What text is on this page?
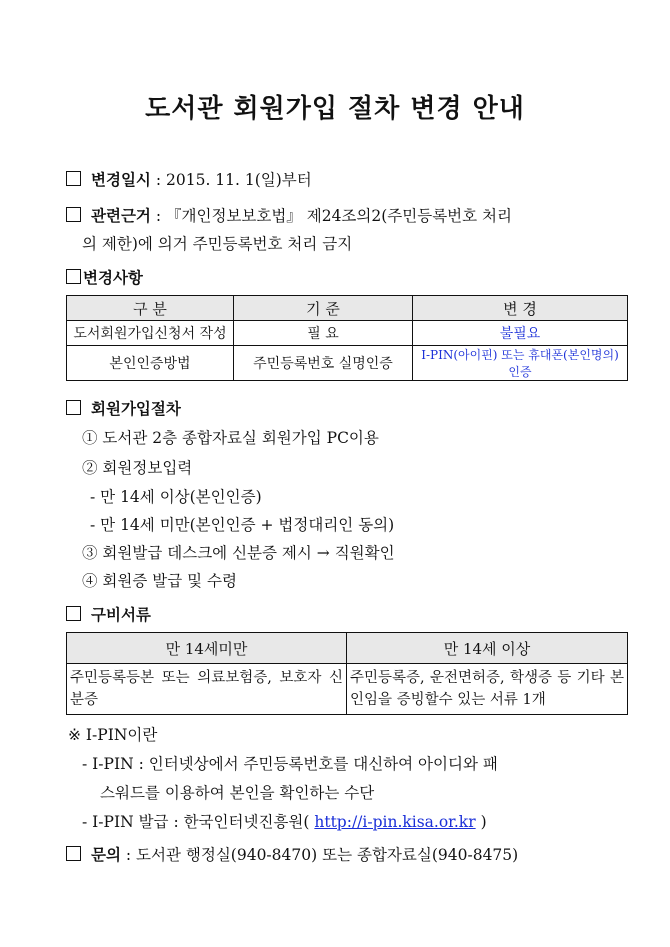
도서관 회원가입 절차 변경 안내
변경일시 : 2015. 11. 1(일)부터
관련근거 : 『개인정보보호법』 제24조의2(주민등록번호 처리
의 제한)에 의거 주민등록번호 처리 금지
변경사항
구 분	기 준	변 경
도서회원가입신청서 작성	필 요	불필요
본인인증방법	주민등록번호 실명인증	I-PIN(아이핀) 또는 휴대폰(본인명의) 인증
회원가입절차
① 도서관 2층 종합자료실 회원가입 PC이용
② 회원정보입력
- 만 14세 이상(본인인증)
- 만 14세 미만(본인인증 + 법정대리인 동의)
③ 회원발급 데스크에 신분증 제시 → 직원확인
④ 회원증 발급 및 수령
구비서류
만 14세미만	만 14세 이상
주민등록등본 또는 의료보험증, 보호자 신분증	주민등록증, 운전면허증, 학생증 등 기타 본인임을 증빙할수 있는 서류 1개
※ I-PIN이란
- I-PIN : 인터넷상에서 주민등록번호를 대신하여 아이디와 패
스워드를 이용하여 본인을 확인하는 수단
- I-PIN 발급 : 한국인터넷진흥원( http://i-pin.kisa.or.kr )
문의 : 도서관 행정실(940-8470) 또는 종합자료실(940-8475)
